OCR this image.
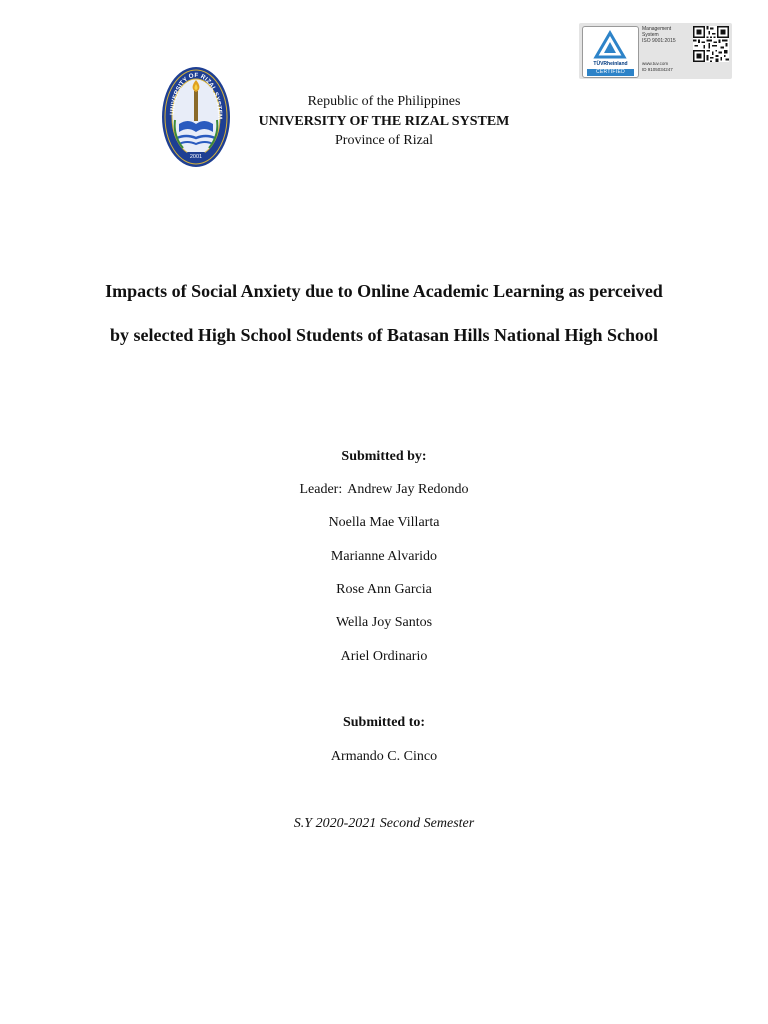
TÜVRheinland
CERTIFIED
Management
System
ISO 9001:2015
www.tuv.com
ID 9105034247
UNIVERSITY OF RIZAL SYSTEM
2001
Republic of the Philippines
UNIVERSITY OF THE RIZAL SYSTEM
Province of Rizal
Impacts of Social Anxiety due to Online Academic Learning as perceived
by selected High School Students of Batasan Hills National High School
Submitted by:
Leader: Andrew Jay Redondo
Noella Mae Villarta
Marianne Alvarido
Rose Ann Garcia
Wella Joy Santos
Ariel Ordinario
Submitted to:
Armando C. Cinco
S.Y 2020-2021 Second Semester
